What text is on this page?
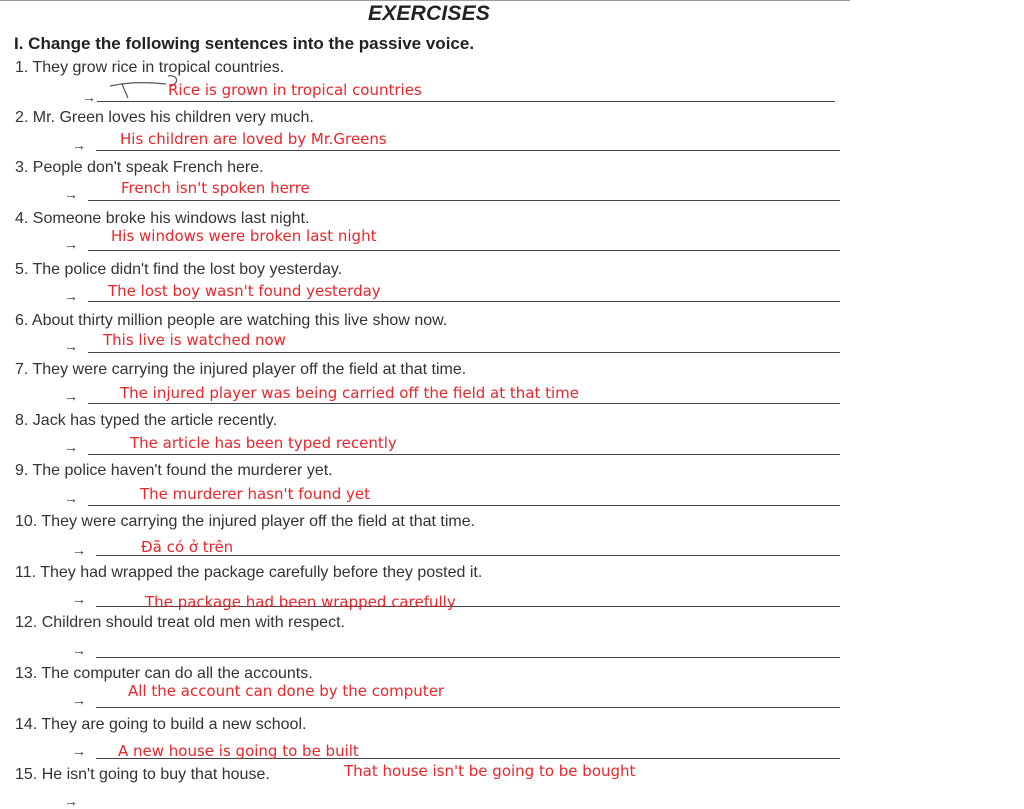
EXERCISES
I. Change the following sentences into the passive voice.
1. They grow rice in tropical countries.
→	Rice is grown in tropical countries
2. Mr. Green loves his children very much.
→ His children are loved by Mr.Greens
3. People don't speak French here.
→	French isn't spoken herre
4. Someone broke his windows last night.
→ His windows were broken last night
5. The police didn't find the lost boy yesterday.
→ The lost boy wasn't found yesterday
6. About thirty million people are watching this live show now.
→ This live is watched now
7. They were carrying the injured player off the field at that time.
→	The injured player was being carried off the field at that time
8. Jack has typed the article recently.
→	The article has been typed recently
9. The police haven't found the murderer yet.
→	The murderer hasn't found yet
10. They were carrying the injured player off the field at that time.
→	Đã có ở trên
11. They had wrapped the package carefully before they posted it.
→	The package had been wrapped carefully
12. Children should treat old men with respect.
→
13. The computer can do all the accounts.
→	All the account can done by the computer
14. They are going to build a new school.
→ A new house is going to be built
15. He isn't going to buy that house.	That house isn't be going to be bought
→
